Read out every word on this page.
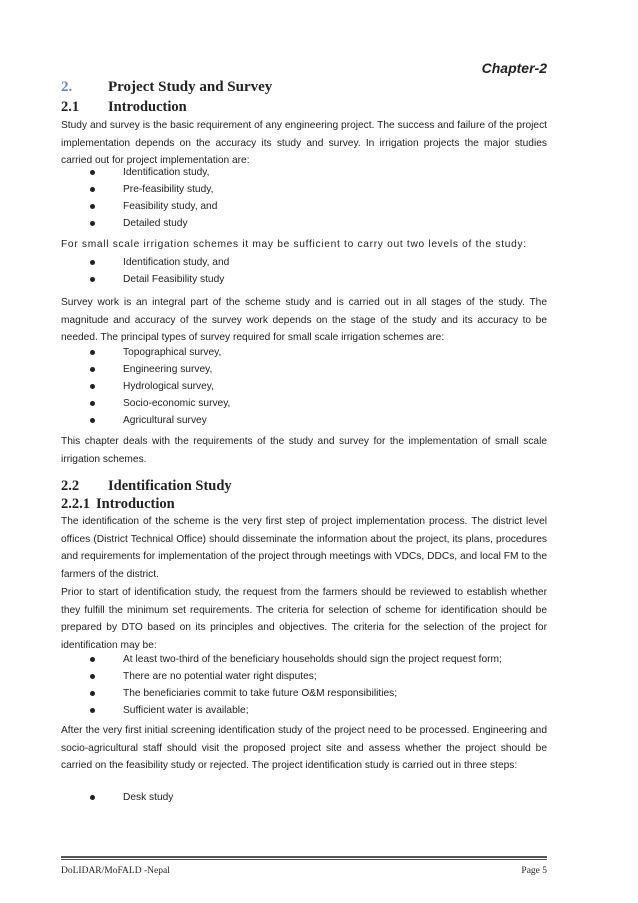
Chapter-2
2. Project Study and Survey
2.1 Introduction
Study and survey is the basic requirement of any engineering project. The success and failure of the project implementation depends on the accuracy its study and survey. In irrigation projects the major studies carried out for project implementation are:
Identification study,
Pre-feasibility study,
Feasibility study, and
Detailed study
For small scale irrigation schemes it may be sufficient to carry out two levels of the study:
Identification study, and
Detail Feasibility study
Survey work is an integral part of the scheme study and is carried out in all stages of the study. The magnitude and accuracy of the survey work depends on the stage of the study and its accuracy to be needed. The principal types of survey required for small scale irrigation schemes are:
Topographical survey,
Engineering survey,
Hydrological survey,
Socio-economic survey,
Agricultural survey
This chapter deals with the requirements of the study and survey for the implementation of small scale irrigation schemes.
2.2 Identification Study
2.2.1 Introduction
The identification of the scheme is the very first step of project implementation process. The district level offices (District Technical Office) should disseminate the information about the project, its plans, procedures and requirements for implementation of the project through meetings with VDCs, DDCs, and local FM to the farmers of the district.
Prior to start of identification study, the request from the farmers should be reviewed to establish whether they fulfill the minimum set requirements. The criteria for selection of scheme for identification should be prepared by DTO based on its principles and objectives. The criteria for the selection of the project for identification may be:
At least two-third of the beneficiary households should sign the project request form;
There are no potential water right disputes;
The beneficiaries commit to take future O&M responsibilities;
Sufficient water is available;
After the very first initial screening identification study of the project need to be processed. Engineering and socio-agricultural staff should visit the proposed project site and assess whether the project should be carried on the feasibility study or rejected. The project identification study is carried out in three steps:
Desk study
DoLIDAR/MoFALD -Nepal	Page 5
